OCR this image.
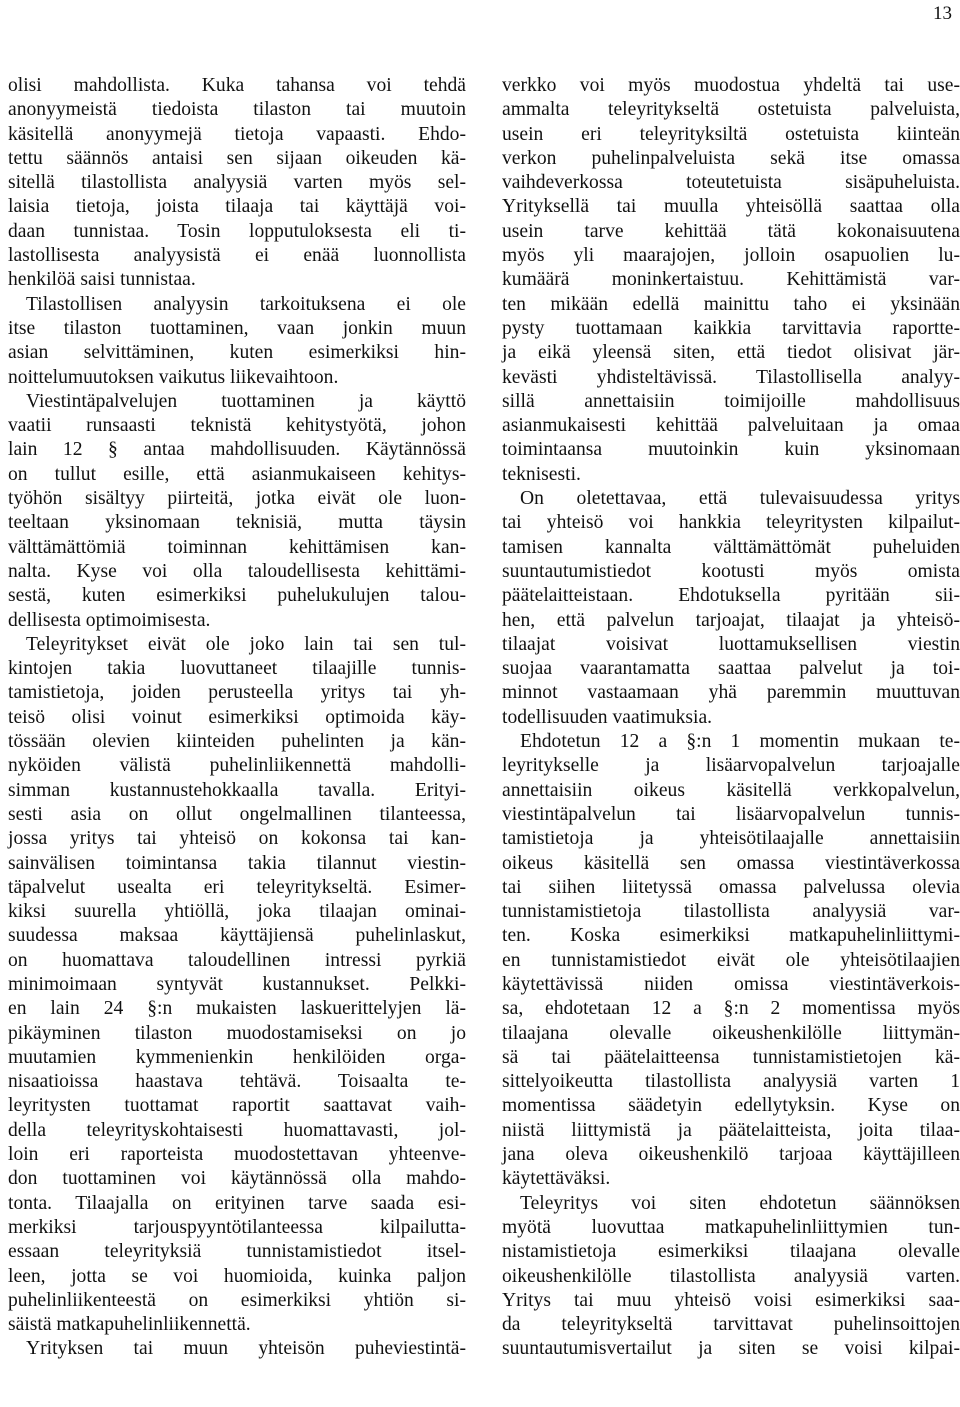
13
olisi mahdollista. Kuka tahansa voi tehdä
anonyymeistä tiedoista tilaston tai muutoin
käsitellä anonyymejä tietoja vapaasti. Ehdo-
tettu säännös antaisi sen sijaan oikeuden kä-
sitellä tilastollista analyysiä varten myös sel-
laisia tietoja, joista tilaaja tai käyttäjä voi-
daan tunnistaa. Tosin lopputuloksesta eli ti-
lastollisesta analyysistä ei enää luonnollista
henkilöä saisi tunnistaa.
Tilastollisen analyysin tarkoituksena ei ole
itse tilaston tuottaminen, vaan jonkin muun
asian selvittäminen, kuten esimerkiksi hin-
noittelumuutoksen vaikutus liikevaihtoon.
Viestintäpalvelujen tuottaminen ja käyttö
vaatii runsaasti teknistä kehitystyötä, johon
lain 12 § antaa mahdollisuuden. Käytännössä
on tullut esille, että asianmukaiseen kehitys-
työhön sisältyy piirteitä, jotka eivät ole luon-
teeltaan yksinomaan teknisiä, mutta täysin
välttämättömiä toiminnan kehittämisen kan-
nalta. Kyse voi olla taloudellisesta kehittämi-
sestä, kuten esimerkiksi puhelukulujen talou-
dellisesta optimoimisesta.
Teleyritykset eivät ole joko lain tai sen tul-
kintojen takia luovuttaneet tilaajille tunnis-
tamistietoja, joiden perusteella yritys tai yh-
teisö olisi voinut esimerkiksi optimoida käy-
tössään olevien kiinteiden puhelinten ja kän-
nyköiden välistä puhelinliikennettä mahdolli-
simman kustannustehokkaalla tavalla. Erityi-
sesti asia on ollut ongelmallinen tilanteessa,
jossa yritys tai yhteisö on kokonsa tai kan-
sainvälisen toimintansa takia tilannut viestin-
täpalvelut usealta eri teleyritykseltä. Esimer-
kiksi suurella yhtiöllä, joka tilaajan ominai-
suudessa maksaa käyttäjiensä puhelinlaskut,
on huomattava taloudellinen intressi pyrkiä
minimoimaan syntyvät kustannukset. Pelkki-
en lain 24 §:n mukaisten laskuerittelyjen lä-
pikäyminen tilaston muodostamiseksi on jo
muutamien kymmenienkin henkilöiden orga-
nisaatioissa haastava tehtävä. Toisaalta te-
leyritysten tuottamat raportit saattavat vaih-
della teleyrityskohtaisesti huomattavasti, jol-
loin eri raporteista muodostettavan yhteenve-
don tuottaminen voi käytännössä olla mahdo-
tonta. Tilaajalla on erityinen tarve saada esi-
merkiksi tarjouspyyntötilanteessa kilpailutta-
essaan teleyrityksiä tunnistamistiedot itsel-
leen, jotta se voi huomioida, kuinka paljon
puhelinliikenteestä on esimerkiksi yhtiön si-
säistä matkapuhelinliikennettä.
Yrityksen tai muun yhteisön puheviestintä-
verkko voi myös muodostua yhdeltä tai use-
ammalta teleyritykseltä ostetuista palveluista,
usein eri teleyrityksiltä ostetuista kiinteän
verkon puhelinpalveluista sekä itse omassa
vaihdeverkossa toteutetuista sisäpuheluista.
Yrityksellä tai muulla yhteisöllä saattaa olla
usein tarve kehittää tätä kokonaisuutena
myös yli maarajojen, jolloin osapuolien lu-
kumäärä moninkertaistuu. Kehittämistä var-
ten mikään edellä mainittu taho ei yksinään
pysty tuottamaan kaikkia tarvittavia raportte-
ja eikä yleensä siten, että tiedot olisivat jär-
kevästi yhdisteltävissä. Tilastollisella analyy-
sillä annettaisiin toimijoille mahdollisuus
asianmukaisesti kehittää palveluitaan ja omaa
toimintaansa muutoinkin kuin yksinomaan
teknisesti.
On oletettavaa, että tulevaisuudessa yritys
tai yhteisö voi hankkia teleyritysten kilpailut-
tamisen kannalta välttämättömät puheluiden
suuntautumistiedot kootusti myös omista
päätelaitteistaan. Ehdotuksella pyritään sii-
hen, että palvelun tarjoajat, tilaajat ja yhteisö-
tilaajat voisivat luottamuksellisen viestin
suojaa vaarantamatta saattaa palvelut ja toi-
minnot vastaamaan yhä paremmin muuttuvan
todellisuuden vaatimuksia.
Ehdotetun 12 a §:n 1 momentin mukaan te-
leyritykselle ja lisäarvopalvelun tarjoajalle
annettaisiin oikeus käsitellä verkkopalvelun,
viestintäpalvelun tai lisäarvopalvelun tunnis-
tamistietoja ja yhteisötilaajalle annettaisiin
oikeus käsitellä sen omassa viestintäverkossa
tai siihen liitetyssä omassa palvelussa olevia
tunnistamistietoja tilastollista analyysiä var-
ten. Koska esimerkiksi matkapuhelinliittymi-
en tunnistamistiedot eivät ole yhteisötilaajien
käytettävissä niiden omissa viestintäverkois-
sa, ehdotetaan 12 a §:n 2 momentissa myös
tilaajana olevalle oikeushenkilölle liittymän-
sä tai päätelaitteensa tunnistamistietojen kä-
sittelyoikeutta tilastollista analyysiä varten 1
momentissa säädetyin edellytyksin. Kyse on
niistä liittymistä ja päätelaitteista, joita tilaa-
jana oleva oikeushenkilö tarjoaa käyttäjilleen
käytettäväksi.
Teleyritys voi siten ehdotetun säännöksen
myötä luovuttaa matkapuhelinliittymien tun-
nistamistietoja esimerkiksi tilaajana olevalle
oikeushenkilölle tilastollista analyysiä varten.
Yritys tai muu yhteisö voisi esimerkiksi saa-
da teleyritykseltä tarvittavat puhelinsoittojen
suuntautumisvertailut ja siten se voisi kilpai-
